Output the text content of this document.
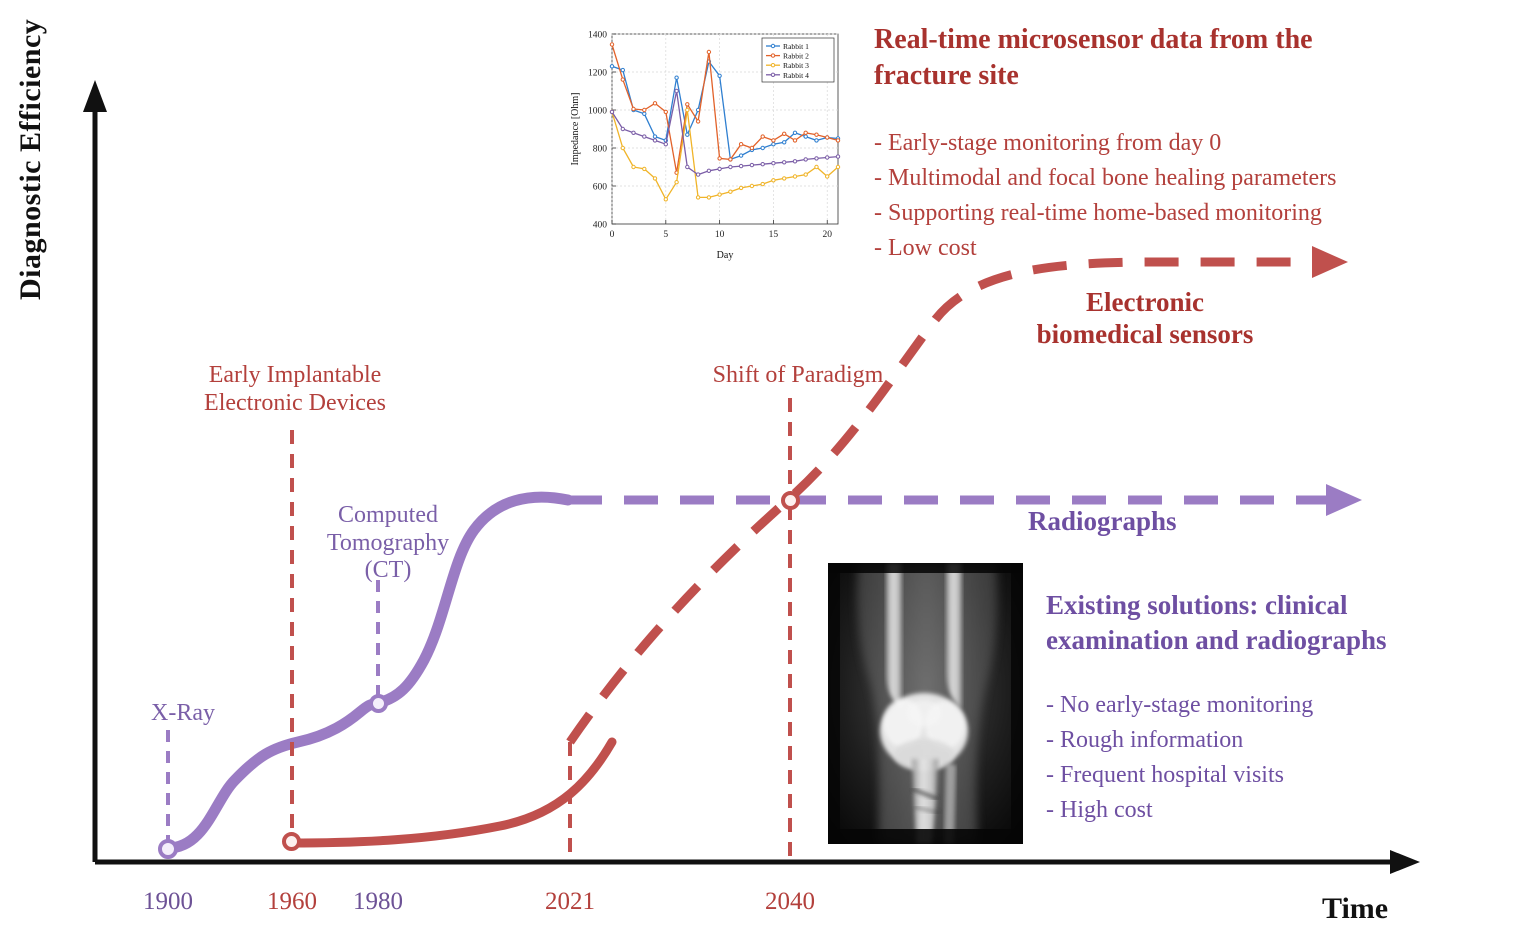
Diagnostic Efficiency
Time
1900	1960	1980	2021	2040
X-Ray
Early Implantable
Electronic Devices
Computed
Tomography
(CT)
Shift of Paradigm
Electronic
biomedical sensors
Radiographs
Real-time microsensor data from the
fracture site
- Early-stage monitoring from day 0
- Multimodal and focal bone healing parameters
- Supporting real-time home-based monitoring
- Low cost
Existing solutions: clinical
examination and radiographs
- No early-stage monitoring
- Rough information
- Frequent hospital visits
- High cost
400
600
800
1000
1200
1400
0	5	10	15	20
Day
Impedance [Ohm]
Rabbit 1
Rabbit 2
Rabbit 3
Rabbit 4
